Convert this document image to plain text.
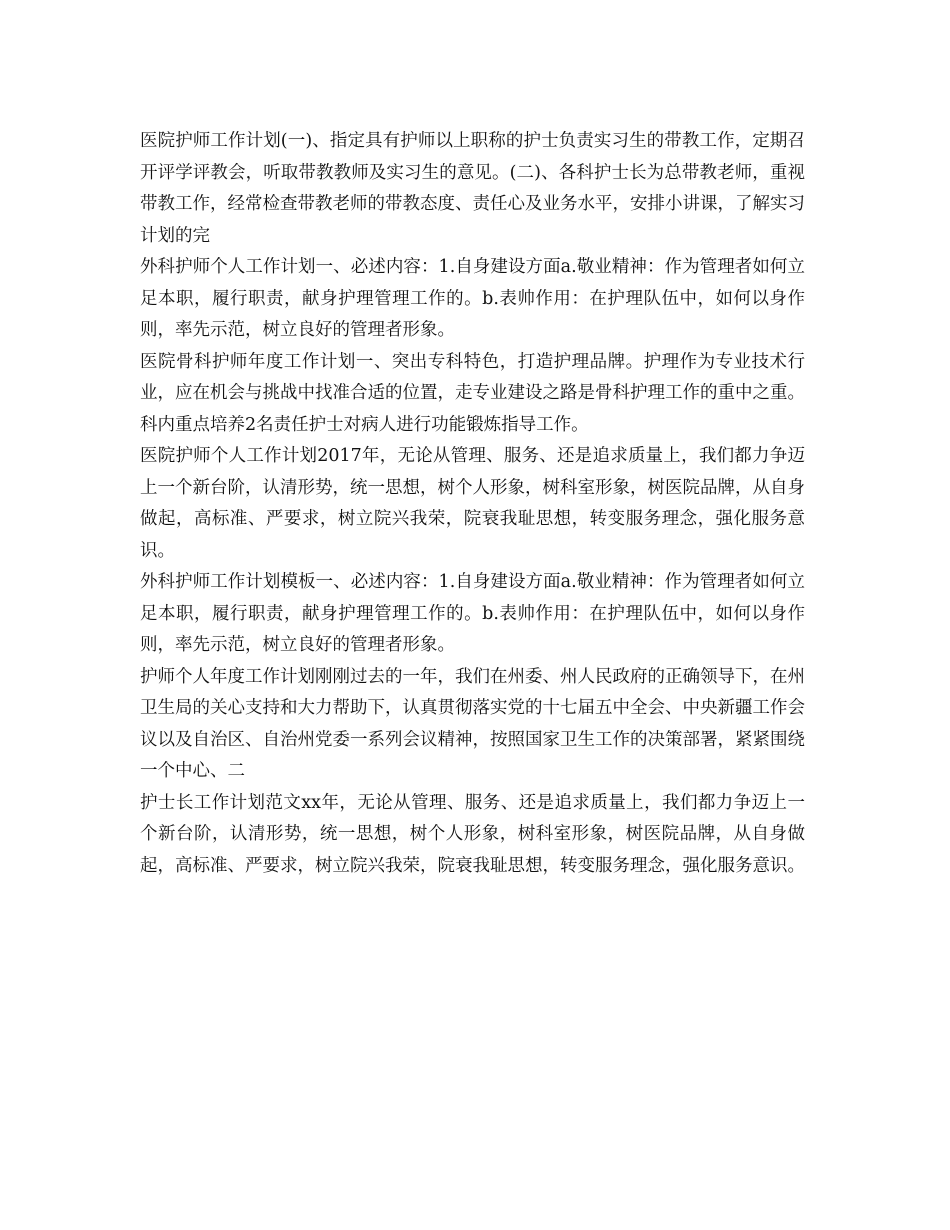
医院护师工作计划(一)、指定具有护师以上职称的护士负责实习生的带教工作，定期召开评学评教会，听取带教教师及实习生的意见。(二)、各科护士长为总带教老师，重视带教工作，经常检查带教老师的带教态度、责任心及业务水平，安排小讲课，了解实习计划的完

外科护师个人工作计划一、必述内容：1.自身建设方面a.敬业精神：作为管理者如何立足本职，履行职责，献身护理管理工作的。b.表帅作用：在护理队伍中，如何以身作则，率先示范，树立良好的管理者形象。

医院骨科护师年度工作计划一、突出专科特色，打造护理品牌。护理作为专业技术行业，应在机会与挑战中找准合适的位置，走专业建设之路是骨科护理工作的重中之重。科内重点培养2名责任护士对病人进行功能锻炼指导工作。

医院护师个人工作计划2017年，无论从管理、服务、还是追求质量上，我们都力争迈上一个新台阶，认清形势，统一思想，树个人形象，树科室形象，树医院品牌，从自身做起，高标准、严要求，树立院兴我荣，院衰我耻思想，转变服务理念，强化服务意识。

外科护师工作计划模板一、必述内容：1.自身建设方面a.敬业精神：作为管理者如何立足本职，履行职责，献身护理管理工作的。b.表帅作用：在护理队伍中，如何以身作则，率先示范，树立良好的管理者形象。

护师个人年度工作计划刚刚过去的一年，我们在州委、州人民政府的正确领导下，在州卫生局的关心支持和大力帮助下，认真贯彻落实党的十七届五中全会、中央新疆工作会议以及自治区、自治州党委一系列会议精神，按照国家卫生工作的决策部署，紧紧围绕一个中心、二

护士长工作计划范文xx年，无论从管理、服务、还是追求质量上，我们都力争迈上一个新台阶，认清形势，统一思想，树个人形象，树科室形象，树医院品牌，从自身做起，高标准、严要求，树立院兴我荣，院衰我耻思想，转变服务理念，强化服务意识。
